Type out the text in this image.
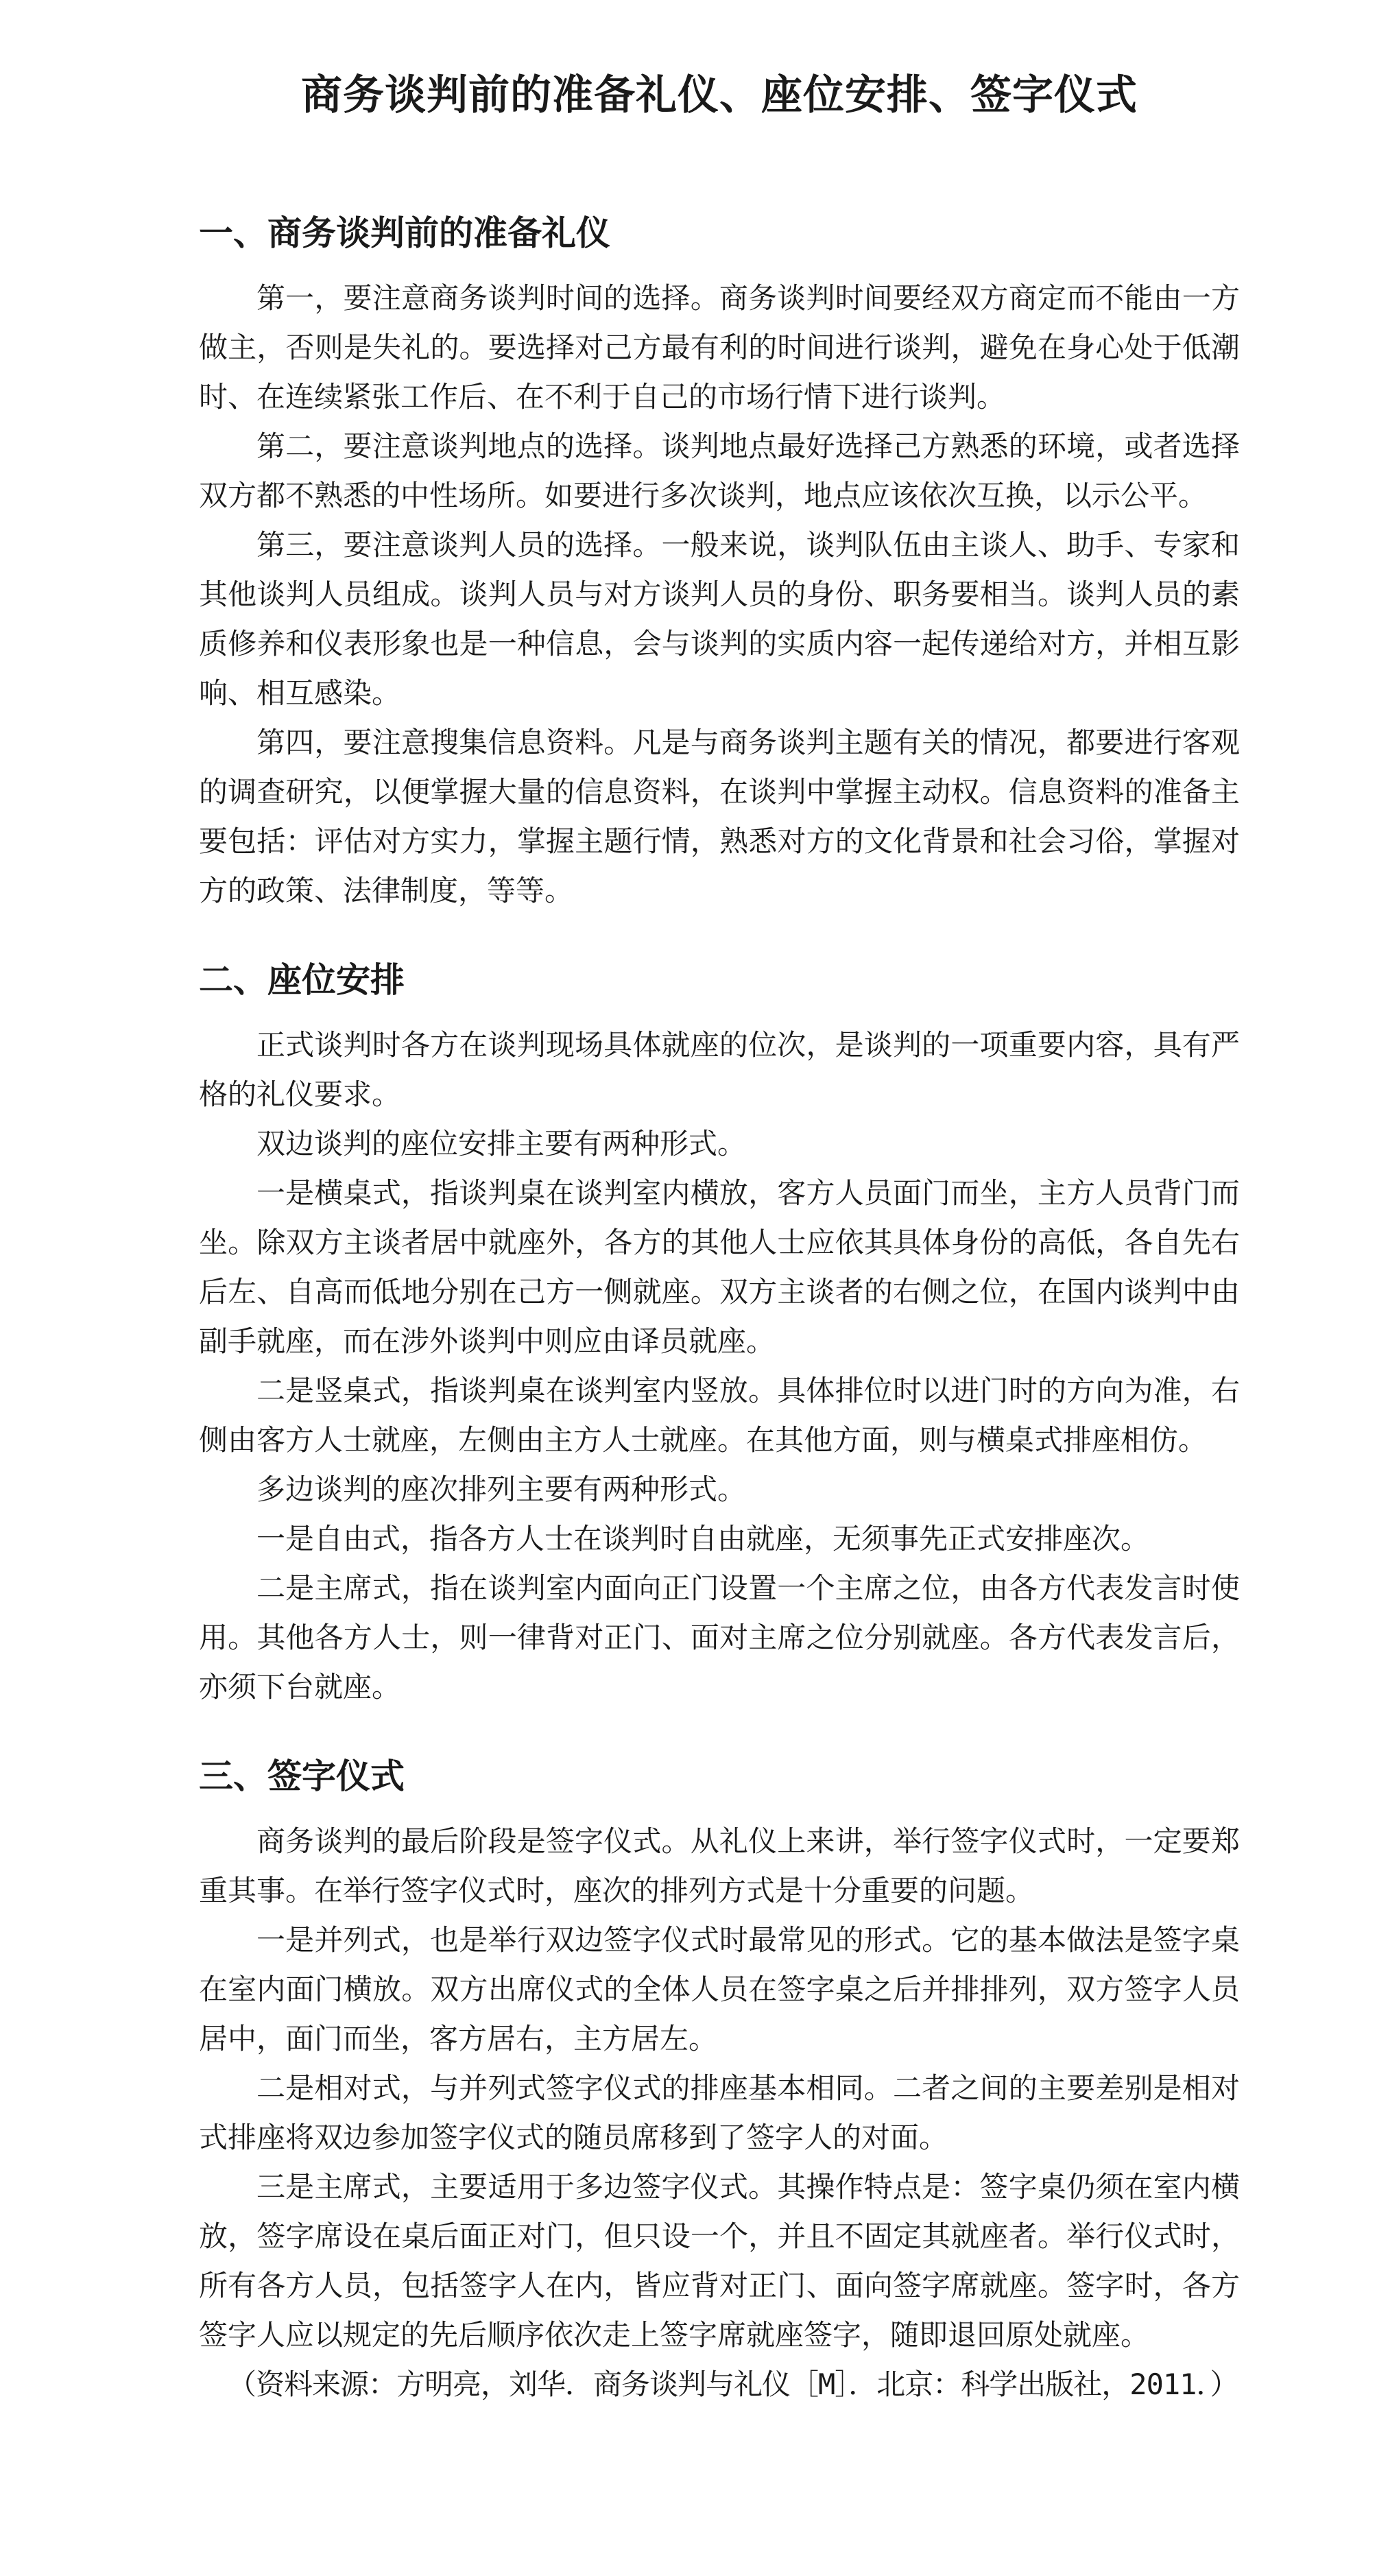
商务谈判前的准备礼仪、座位安排、签字仪式
一、商务谈判前的准备礼仪

第一，要注意商务谈判时间的选择。商务谈判时间要经双方商定而不能由一方做主，否则是失礼的。要选择对己方最有利的时间进行谈判，避免在身心处于低潮时、在连续紧张工作后、在不利于自己的市场行情下进行谈判。

第二，要注意谈判地点的选择。谈判地点最好选择己方熟悉的环境，或者选择双方都不熟悉的中性场所。如要进行多次谈判，地点应该依次互换，以示公平。

第三，要注意谈判人员的选择。一般来说，谈判队伍由主谈人、助手、专家和其他谈判人员组成。谈判人员与对方谈判人员的身份、职务要相当。谈判人员的素质修养和仪表形象也是一种信息，会与谈判的实质内容一起传递给对方，并相互影响、相互感染。

第四，要注意搜集信息资料。凡是与商务谈判主题有关的情况，都要进行客观的调查研究，以便掌握大量的信息资料，在谈判中掌握主动权。信息资料的准备主要包括：评估对方实力，掌握主题行情，熟悉对方的文化背景和社会习俗，掌握对方的政策、法律制度，等等。

二、座位安排

正式谈判时各方在谈判现场具体就座的位次，是谈判的一项重要内容，具有严格的礼仪要求。

双边谈判的座位安排主要有两种形式。

一是横桌式，指谈判桌在谈判室内横放，客方人员面门而坐，主方人员背门而坐。除双方主谈者居中就座外，各方的其他人士应依其具体身份的高低，各自先右后左、自高而低地分别在己方一侧就座。双方主谈者的右侧之位，在国内谈判中由副手就座，而在涉外谈判中则应由译员就座。

二是竖桌式，指谈判桌在谈判室内竖放。具体排位时以进门时的方向为准，右侧由客方人士就座，左侧由主方人士就座。在其他方面，则与横桌式排座相仿。

多边谈判的座次排列主要有两种形式。

一是自由式，指各方人士在谈判时自由就座，无须事先正式安排座次。

二是主席式，指在谈判室内面向正门设置一个主席之位，由各方代表发言时使用。其他各方人士，则一律背对正门、面对主席之位分别就座。各方代表发言后，亦须下台就座。

三、签字仪式

商务谈判的最后阶段是签字仪式。从礼仪上来讲，举行签字仪式时，一定要郑重其事。在举行签字仪式时，座次的排列方式是十分重要的问题。

一是并列式，也是举行双边签字仪式时最常见的形式。它的基本做法是签字桌在室内面门横放。双方出席仪式的全体人员在签字桌之后并排排列，双方签字人员居中，面门而坐，客方居右，主方居左。

二是相对式，与并列式签字仪式的排座基本相同。二者之间的主要差别是相对式排座将双边参加签字仪式的随员席移到了签字人的对面。

三是主席式，主要适用于多边签字仪式。其操作特点是：签字桌仍须在室内横放，签字席设在桌后面正对门，但只设一个，并且不固定其就座者。举行仪式时，所有各方人员，包括签字人在内，皆应背对正门、面向签字席就座。签字时，各方签字人应以规定的先后顺序依次走上签字席就座签字，随即退回原处就座。

（资料来源：方明亮，刘华．商务谈判与礼仪［M］．北京：科学出版社，2011．）
